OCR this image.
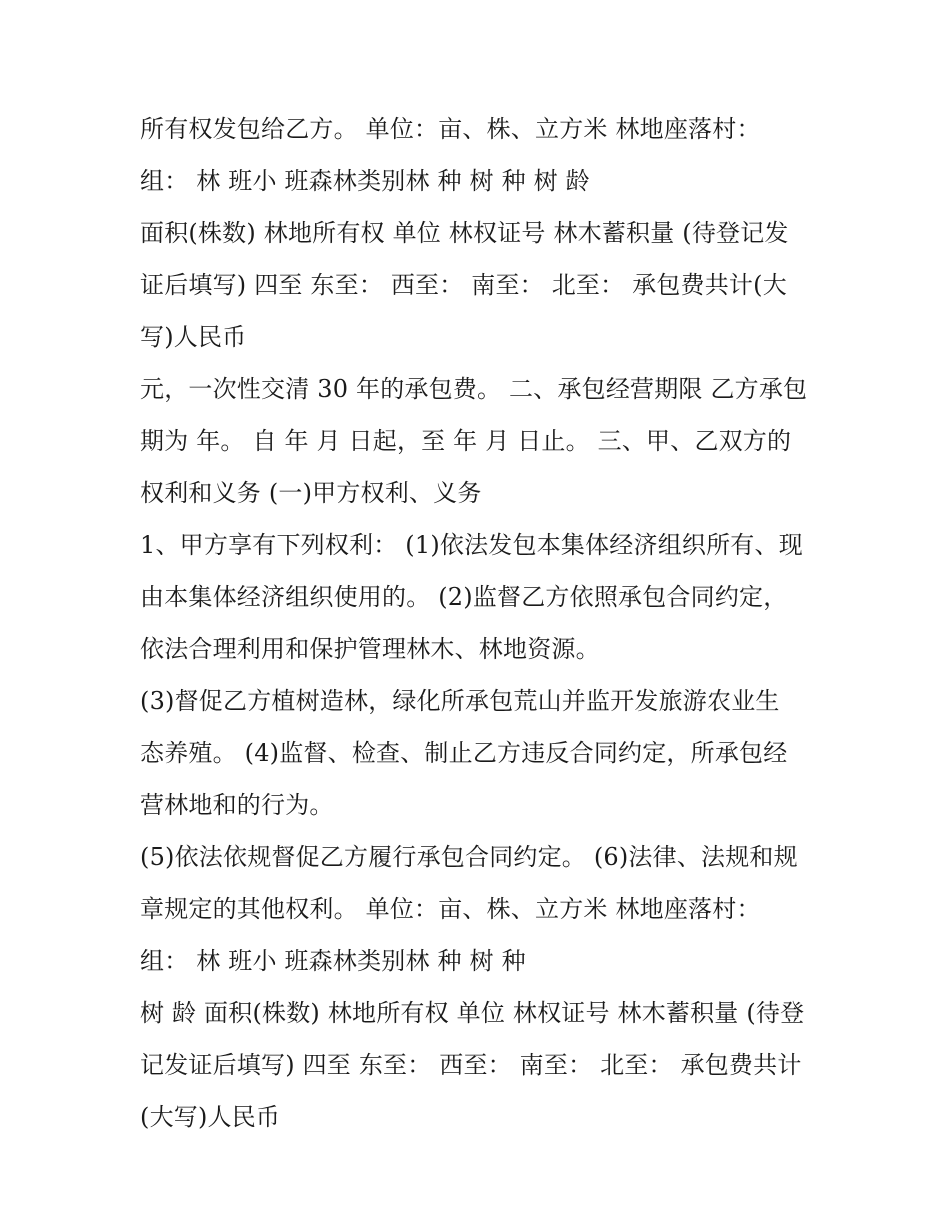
所有权发包给乙方。 单位：亩、株、立方米 林地座落村：
组： 林 班小 班森林类别林 种 树 种 树 龄
面积(株数) 林地所有权 单位 林权证号 林木蓄积量 (待登记发
证后填写) 四至 东至： 西至： 南至： 北至： 承包费共计(大
写)人民币
元，一次性交清 30 年的承包费。 二、承包经营期限 乙方承包
期为 年。 自 年 月 日起，至 年 月 日止。 三、甲、乙双方的
权利和义务 (一)甲方权利、义务
1、甲方享有下列权利： (1)依法发包本集体经济组织所有、现
由本集体经济组织使用的。 (2)监督乙方依照承包合同约定，
依法合理利用和保护管理林木、林地资源。
(3)督促乙方植树造林，绿化所承包荒山并监开发旅游农业生
态养殖。 (4)监督、检查、制止乙方违反合同约定，所承包经
营林地和的行为。
(5)依法依规督促乙方履行承包合同约定。 (6)法律、法规和规
章规定的其他权利。 单位：亩、株、立方米 林地座落村：
组： 林 班小 班森林类别林 种 树 种
树 龄 面积(株数) 林地所有权 单位 林权证号 林木蓄积量 (待登
记发证后填写) 四至 东至： 西至： 南至： 北至： 承包费共计
(大写)人民币
